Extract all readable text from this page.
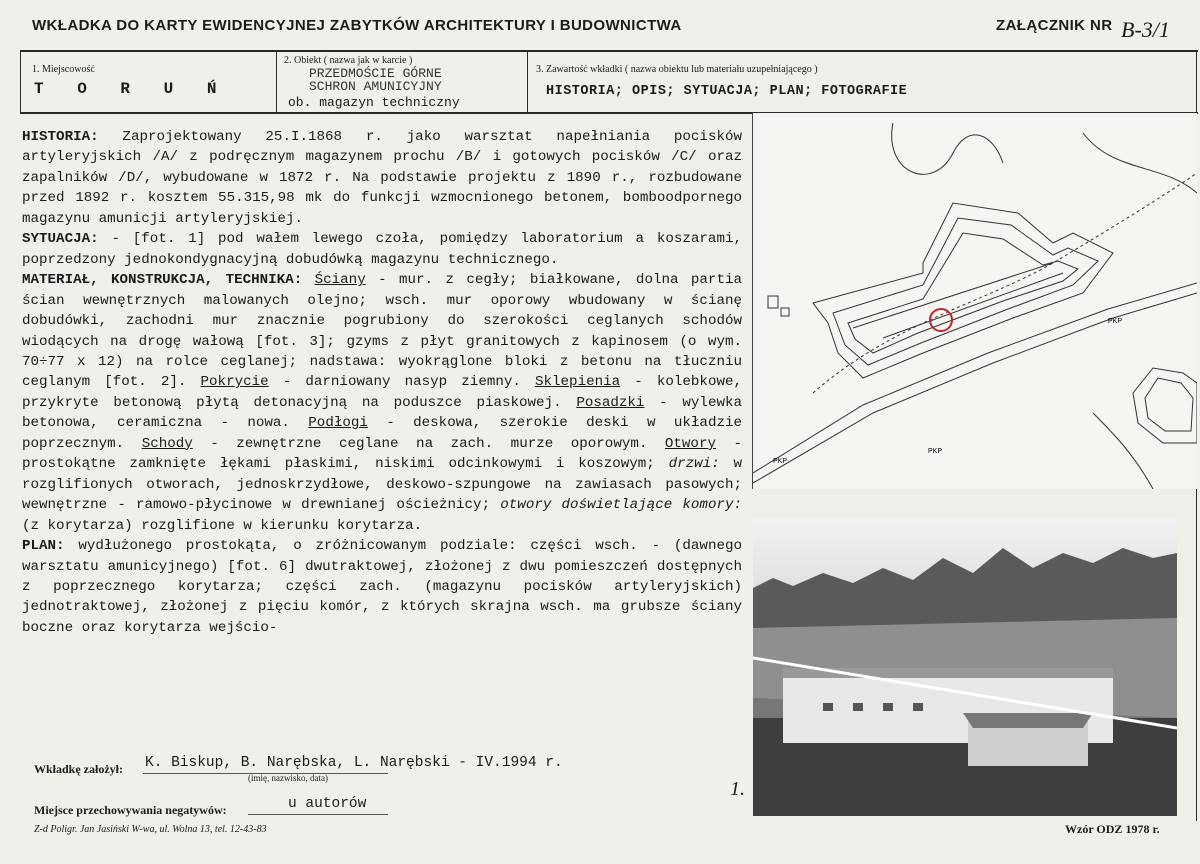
WKŁADKA DO KARTY EWIDENCYJNEJ ZABYTKÓW ARCHITEKTURY I BUDOWNICTWA	ZAŁĄCZNIK NR B-3/1
1. Miejscowość
T O R U Ń
2. Obiekt ( nazwa jak w karcie )
PRZEDMOŚCIE GÓRNE
SCHRON AMUNICYJNY
ob. magazyn techniczny
3. Zawartość wkładki ( nazwa obiektu lub materiału uzupełniającego )
HISTORIA; OPIS; SYTUACJA; PLAN; FOTOGRAFIE

HISTORIA: Zaprojektowany 25.I.1868 r. jako warsztat napełniania pocisków artyleryjskich /A/ z podręcznym magazynem prochu /B/ i gotowych pocisków /C/ oraz zapalników /D/, wybudowane w 1872 r. Na podstawie projektu z 1890 r., rozbudowane przed 1892 r. kosztem 55.315,98 mk do funkcji wzmocnionego betonem, bomboodpornego magazynu amunicji artyleryjskiej.

SYTUACJA: - [fot. 1] pod wałem lewego czoła, pomiędzy laboratorium a koszarami, poprzedzony jednokondygnacyjną dobudówką magazynu technicznego.

MATERIAŁ, KONSTRUKCJA, TECHNIKA: Ściany - mur. z cegły; białkowane, dolna partia ścian wewnętrznych malowanych olejno; wsch. mur oporowy wbudowany w ścianę dobudówki, zachodni mur znacznie pogrubiony do szerokości ceglanych schodów wiodących na drogę wałową [fot. 3]; gzyms z płyt granitowych z kapinosem (o wym. 70÷77 x 12) na rolce ceglanej; nadstawa: wyokrąglone bloki z betonu na tłuczniu ceglanym [fot. 2]. Pokrycie - darniowany nasyp ziemny. Sklepienia - kolebkowe, przykryte betonową płytą detonacyjną na poduszce piaskowej. Posadzki - wylewka betonowa, ceramiczna - nowa. Podłogi - deskowa, szerokie deski w układzie poprzecznym. Schody - zewnętrzne ceglane na zach. murze oporowym. Otwory - prostokątne zamknięte łękami płaskimi, niskimi odcinkowymi i koszowym; drzwi: w rozglifionych otworach, jednoskrzydłowe, deskowo-szpungowe na zawiasach pasowych; wewnętrzne - ramowo-płycinowe w drewnianej ościeżnicy; otwory doświetlające komory: (z korytarza) rozglifione w kierunku korytarza.

PLAN: wydłużonego prostokąta, o zróżnicowanym podziale: części wsch. - (dawnego warsztatu amunicyjnego) [fot. 6] dwutraktowej, złożonej z dwu pomieszczeń dostępnych z poprzecznego korytarza; części zach. (magazynu pocisków artyleryjskich) jednotraktowej, złożonej z pięciu komór, z których skrajna wsch. ma grubsze ściany boczne oraz korytarza wejścio-

PKP
PKP
PKP
Wkładkę założył: K. Biskup, B. Narębska, L. Narębski - IV.1994 r.
(imię, nazwisko, data)
Miejsce przechowywania negatywów:	u autorów
Z-d Poligr. Jan Jasiński W-wa, ul. Wolna 13, tel. 12-43-83	Wzór ODZ 1978 r.
1.
